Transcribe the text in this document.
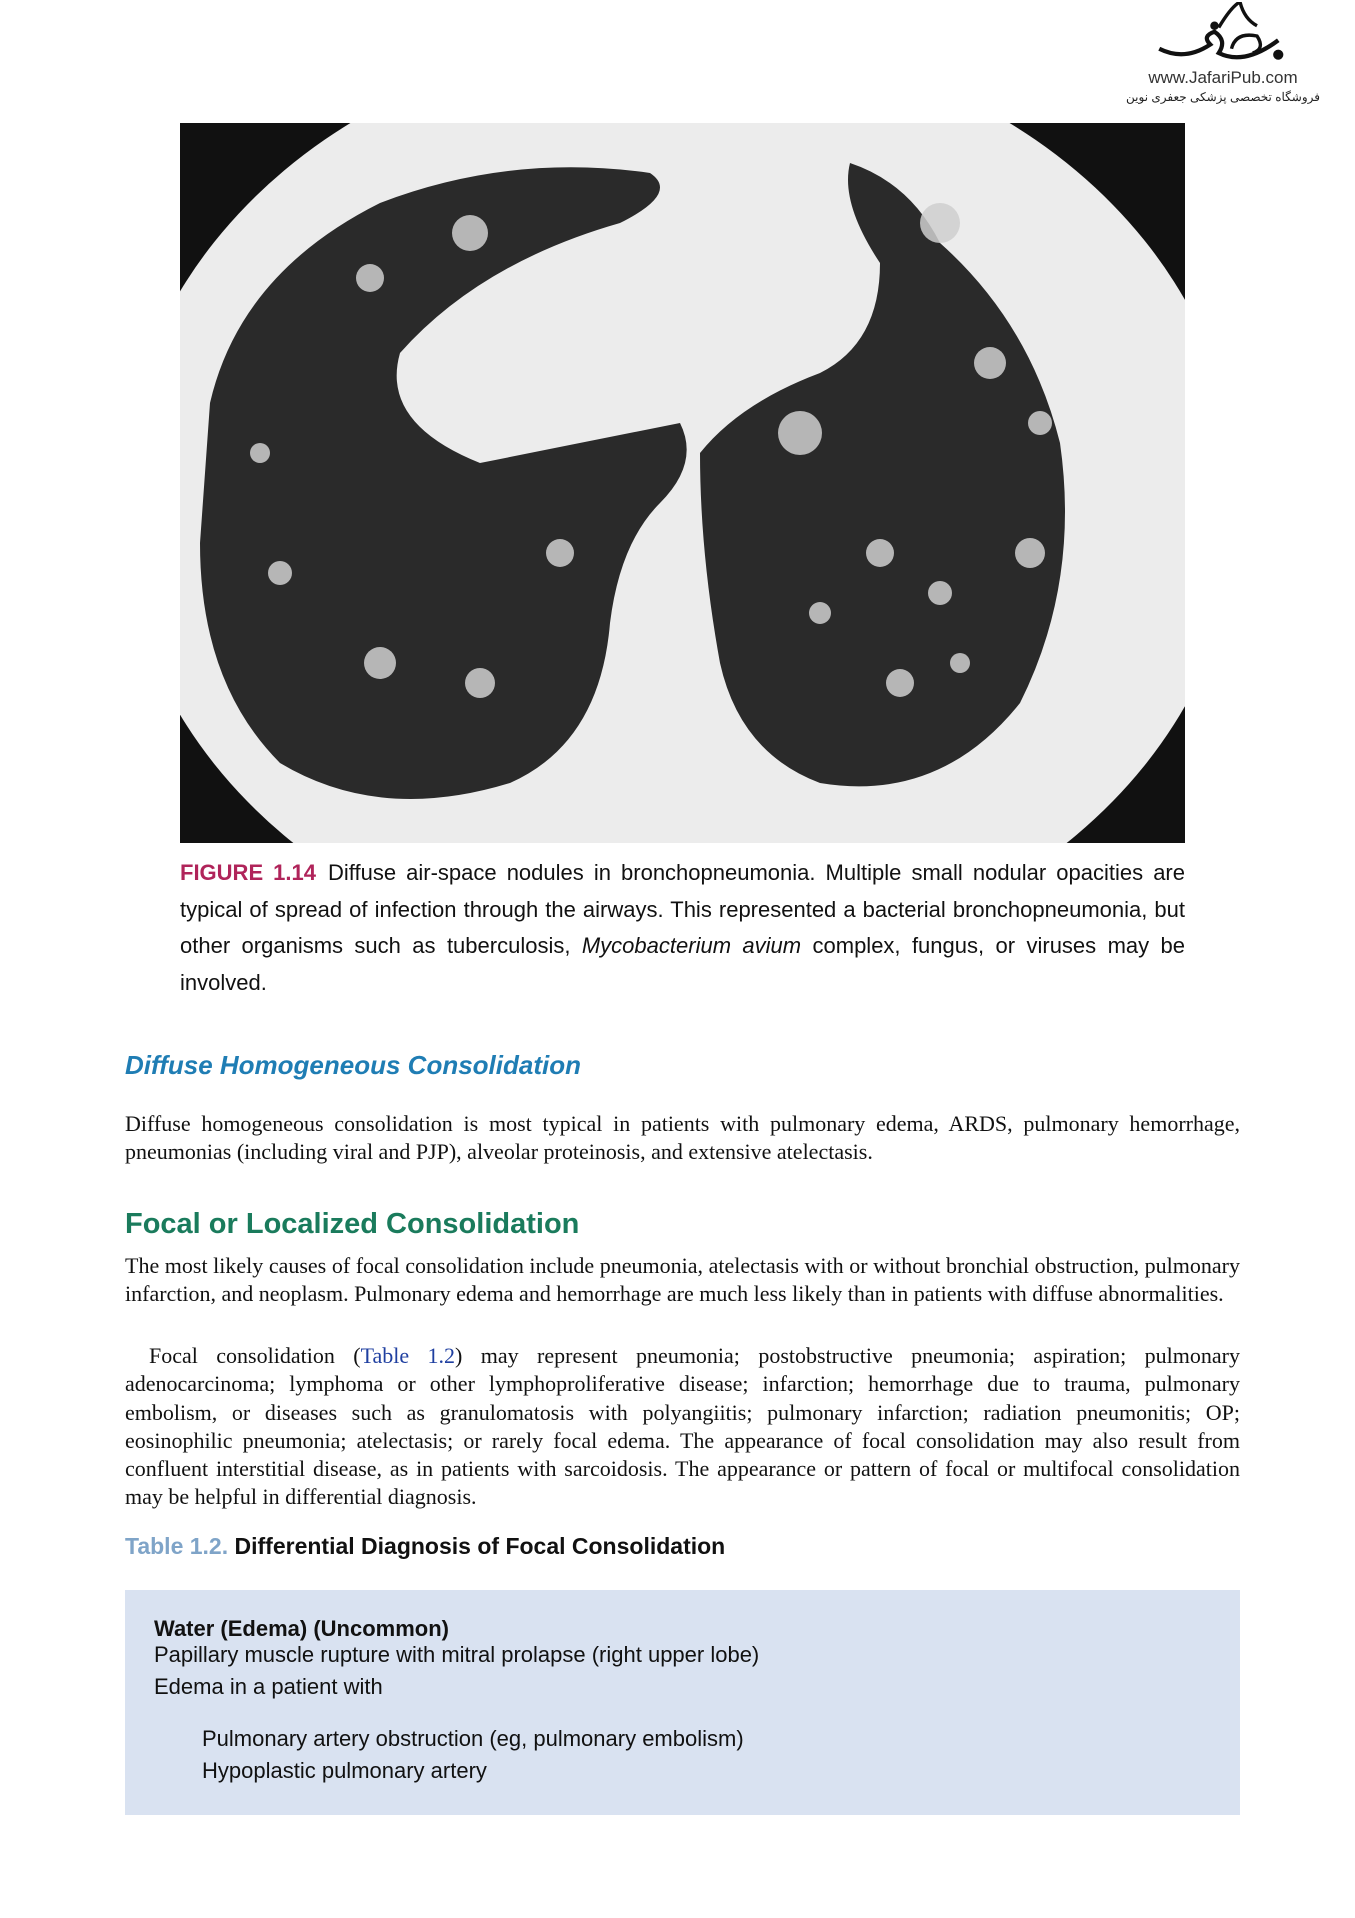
www.JafariPub.com
فروشگاه تخصصی پزشکی جعفری نوین
FIGURE 1.14 Diffuse air-space nodules in bronchopneumonia. Multiple small nodular opacities are typical of spread of infection through the airways. This represented a bacterial bronchopneumonia, but other organisms such as tuberculosis, Mycobacterium avium complex, fungus, or viruses may be involved.
Diffuse Homogeneous Consolidation
Diffuse homogeneous consolidation is most typical in patients with pulmonary edema, ARDS, pulmonary hemorrhage, pneumonias (including viral and PJP), alveolar proteinosis, and extensive atelectasis.
Focal or Localized Consolidation
The most likely causes of focal consolidation include pneumonia, atelectasis with or without bronchial obstruction, pulmonary infarction, and neoplasm. Pulmonary edema and hemorrhage are much less likely than in patients with diffuse abnormalities.
Focal consolidation (Table 1.2) may represent pneumonia; postobstructive pneumonia; aspiration; pulmonary adenocarcinoma; lymphoma or other lymphoproliferative disease; infarction; hemorrhage due to trauma, pulmonary embolism, or diseases such as granulomatosis with polyangiitis; pulmonary infarction; radiation pneumonitis; OP; eosinophilic pneumonia; atelectasis; or rarely focal edema. The appearance of focal consolidation may also result from confluent interstitial disease, as in patients with sarcoidosis. The appearance or pattern of focal or multifocal consolidation may be helpful in differential diagnosis.
Table 1.2. Differential Diagnosis of Focal Consolidation
Water (Edema) (Uncommon)
Papillary muscle rupture with mitral prolapse (right upper lobe)
Edema in a patient with
Pulmonary artery obstruction (eg, pulmonary embolism)
Hypoplastic pulmonary artery
